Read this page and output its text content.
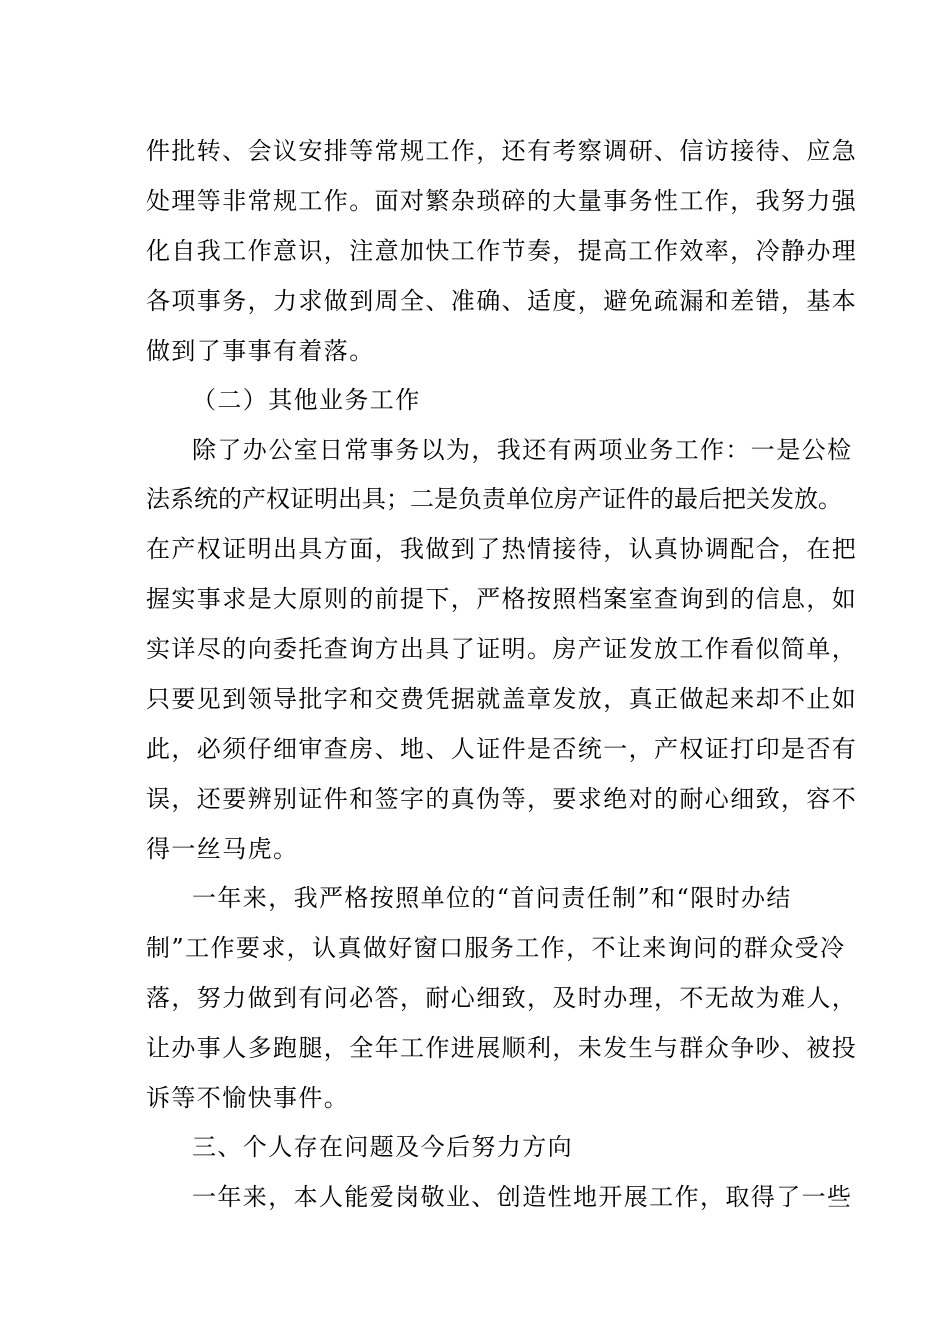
件批转、会议安排等常规工作，还有考察调研、信访接待、应急
处理等非常规工作。面对繁杂琐碎的大量事务性工作，我努力强
化自我工作意识，注意加快工作节奏，提高工作效率，冷静办理
各项事务，力求做到周全、准确、适度，避免疏漏和差错，基本
做到了事事有着落。
（二）其他业务工作
除了办公室日常事务以为，我还有两项业务工作：一是公检
法系统的产权证明出具；二是负责单位房产证件的最后把关发放。
在产权证明出具方面，我做到了热情接待，认真协调配合，在把
握实事求是大原则的前提下，严格按照档案室查询到的信息，如
实详尽的向委托查询方出具了证明。房产证发放工作看似简单，
只要见到领导批字和交费凭据就盖章发放，真正做起来却不止如
此，必须仔细审查房、地、人证件是否统一，产权证打印是否有
误，还要辨别证件和签字的真伪等，要求绝对的耐心细致，容不
得一丝马虎。
一年来，我严格按照单位的“首问责任制”和“限时办结
制”工作要求，认真做好窗口服务工作，不让来询问的群众受冷
落，努力做到有问必答，耐心细致，及时办理，不无故为难人，
让办事人多跑腿，全年工作进展顺利，未发生与群众争吵、被投
诉等不愉快事件。
三、个人存在问题及今后努力方向
一年来，本人能爱岗敬业、创造性地开展工作，取得了一些
